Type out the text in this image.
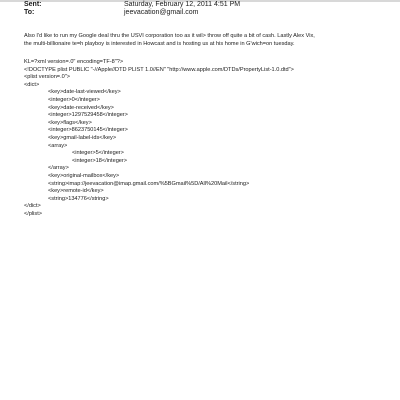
Sent:	Saturday, February 12, 2011 4:51 PM
To:	jeevacation@gmail.com
Also I'd like to run my Google deal thru the USVI corporation too as it wil> throw off quite a bit of cash. Lastly Alex Vix,
the multi-billionaire te=h playboy is interested in Howcast and is hosting us at his home in G'wich=on tuesday.
KL=?xml version=.0" encoding=TF-8"?>
<!DOCTYPE plist PUBLIC "-//Apple//DTD PLIST 1.0//EN" "http://www.apple.com/DTDs/PropertyList-1.0.dtd">
<plist version=.0">
<dict>
<key>date-last-viewed</key>
<integer>0</integer>
<key>date-received</key>
<integer>1297529458</integer>
<key>flags</key>
<integer>8623750145</integer>
<key>gmail-label-ids</key>
<array>
<integer>5</integer>
<integer>18</integer>
</array>
<key>original-mailbox</key>
<string>imap://jeevacation@imap.gmail.com/%5BGmail%5D/All%20Mail</string>
<key>remote-id</key>
<string>134776</string>
</dict>
</plist>
